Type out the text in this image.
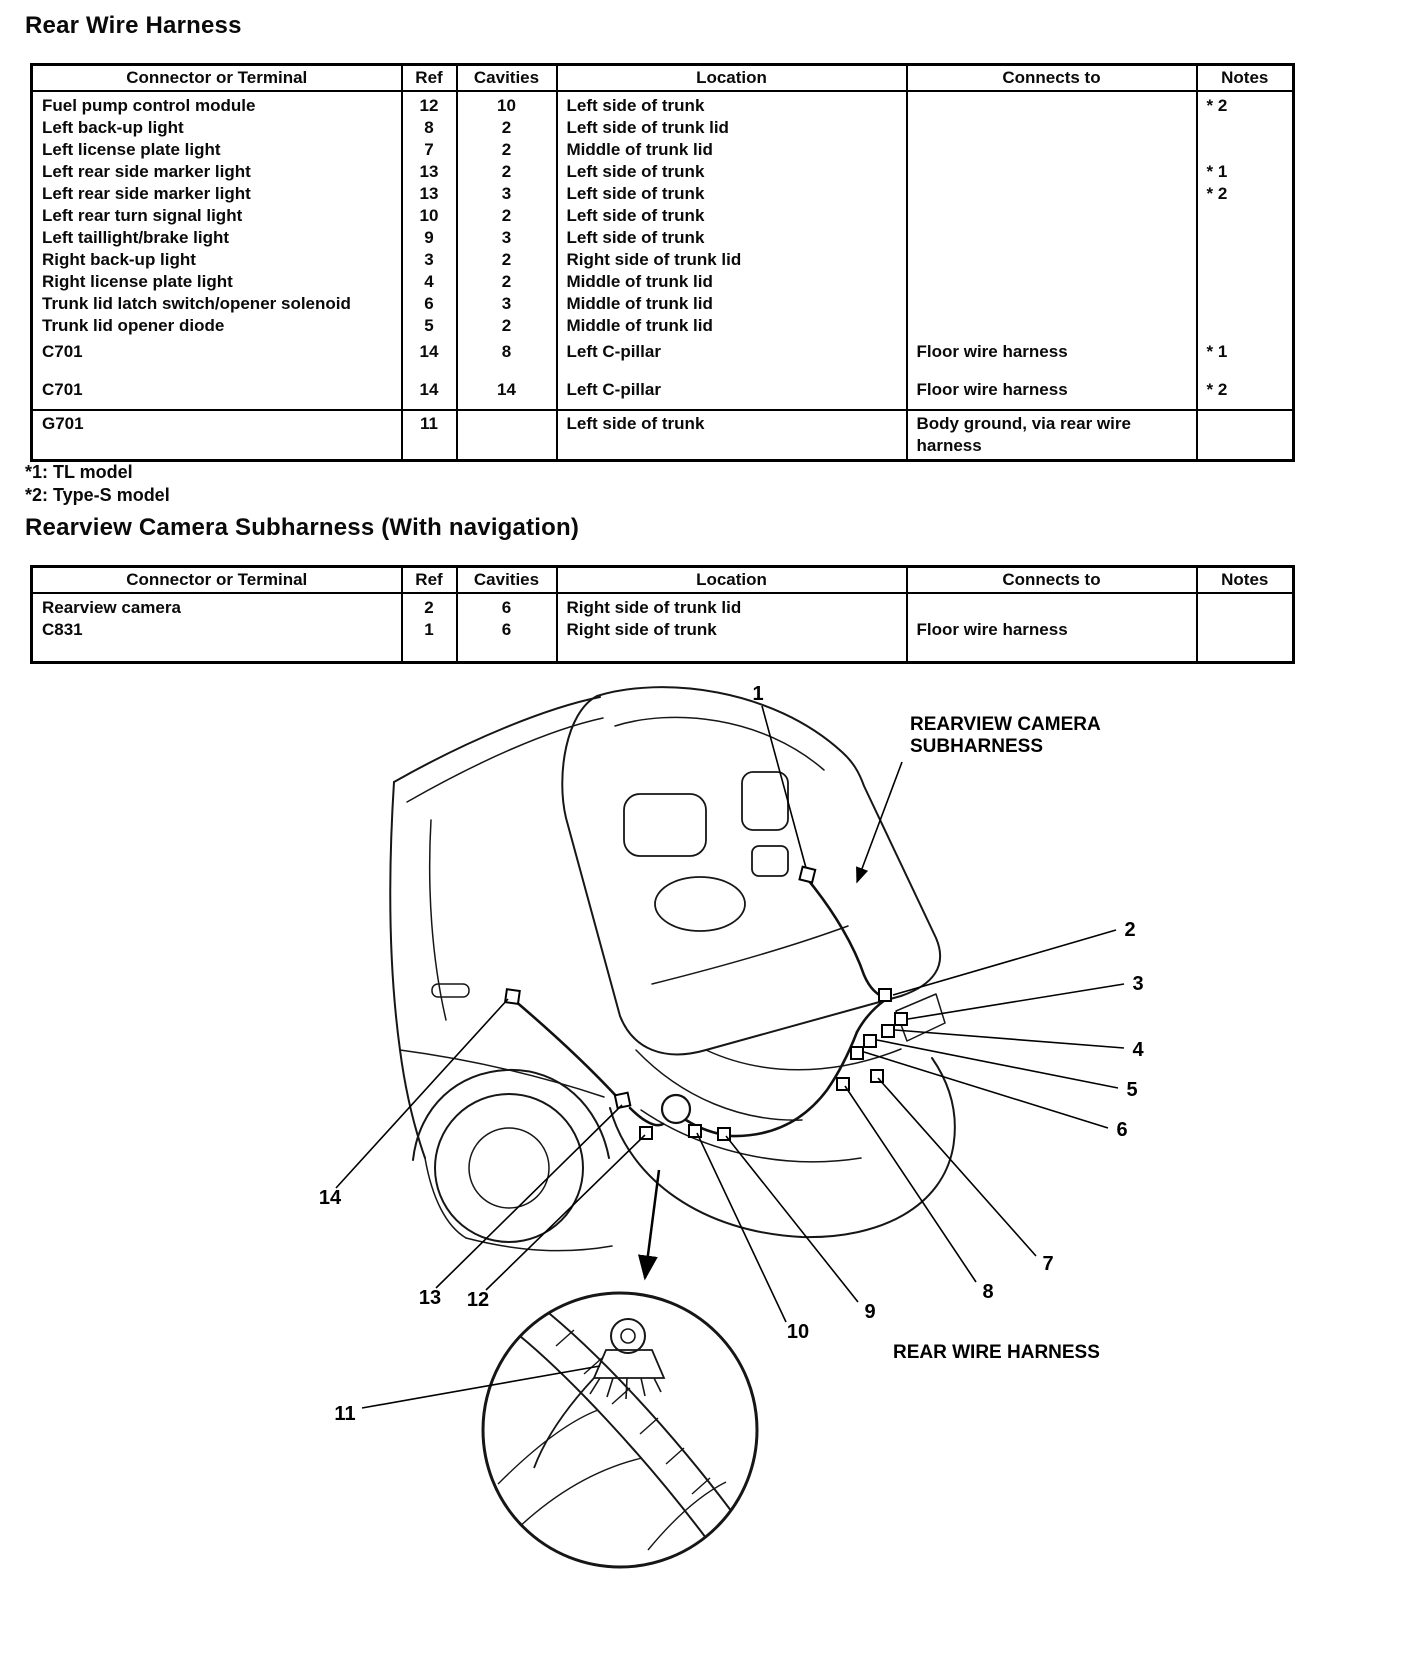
Rear Wire Harness
Connector or Terminal	Ref	Cavities	Location	Connects to	Notes
Fuel pump control module	12	10	Left side of trunk		* 2
Left back-up light	8	2	Left side of trunk lid		
Left license plate light	7	2	Middle of trunk lid		
Left rear side marker light	13	2	Left side of trunk		* 1
Left rear side marker light	13	3	Left side of trunk		* 2
Left rear turn signal light	10	2	Left side of trunk		
Left taillight/brake light	9	3	Left side of trunk		
Right back-up light	3	2	Right side of trunk lid		
Right license plate light	4	2	Middle of trunk lid		
Trunk lid latch switch/opener solenoid	6	3	Middle of trunk lid		
Trunk lid opener diode	5	2	Middle of trunk lid		
C701	14	8	Left C-pillar	Floor wire harness	* 1
C701	14	14	Left C-pillar	Floor wire harness	* 2
G701	11		Left side of trunk	Body ground, via rear wire harness	
*1: TL model
*2: Type-S model
Rearview Camera Subharness (With navigation)
Connector or Terminal	Ref	Cavities	Location	Connects to	Notes
Rearview camera	2	6	Right side of trunk lid		
C831	1	6	Right side of trunk	Floor wire harness	
1
2
3
4
5
6
7
8
9
10
11
12
13
14
REARVIEW CAMERA
SUBHARNESS
REAR WIRE HARNESS
